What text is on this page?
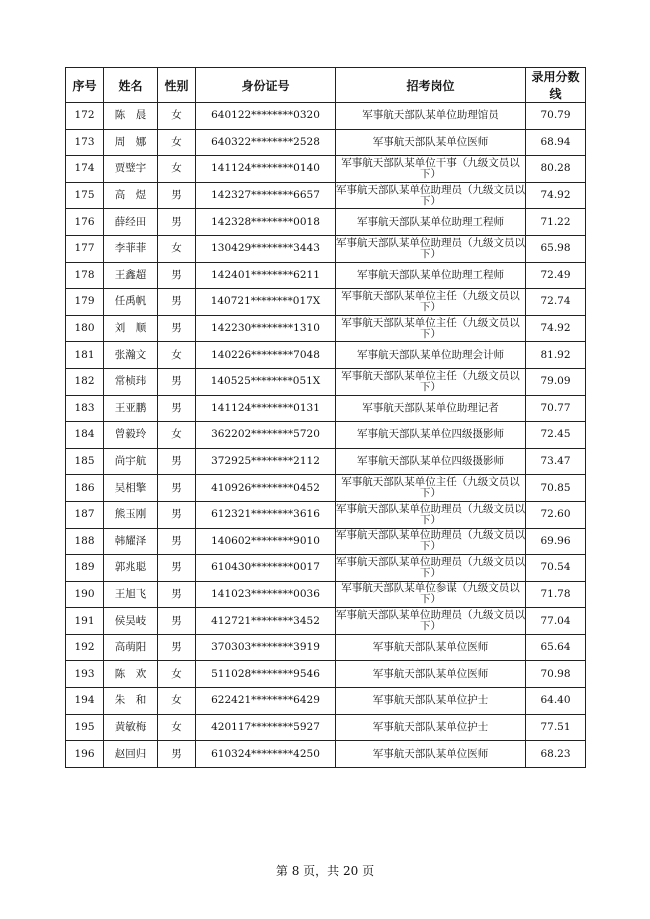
序号	姓名	性别	身份证号	招考岗位	录用分数线
172	陈　晨	女	640122********0320	军事航天部队某单位助理馆员	70.79
173	周　娜	女	640322********2528	军事航天部队某单位医师	68.94
174	贾璧宇	女	141124********0140	军事航天部队某单位干事（九级文员以下）	80.28
175	高　煜	男	142327********6657	军事航天部队某单位助理员（九级文员以下）	74.92
176	薛经田	男	142328********0018	军事航天部队某单位助理工程师	71.22
177	李菲菲	女	130429********3443	军事航天部队某单位助理员（九级文员以下）	65.98
178	王鑫超	男	142401********6211	军事航天部队某单位助理工程师	72.49
179	任禹帆	男	140721********017X	军事航天部队某单位主任（九级文员以下）	72.74
180	刘　顺	男	142230********1310	军事航天部队某单位主任（九级文员以下）	74.92
181	张瀚文	女	140226********7048	军事航天部队某单位助理会计师	81.92
182	常桢玮	男	140525********051X	军事航天部队某单位主任（九级文员以下）	79.09
183	王亚鹏	男	141124********0131	军事航天部队某单位助理记者	70.77
184	曾毅玲	女	362202********5720	军事航天部队某单位四级摄影师	72.45
185	尚宇航	男	372925********2112	军事航天部队某单位四级摄影师	73.47
186	吴相擎	男	410926********0452	军事航天部队某单位主任（九级文员以下）	70.85
187	熊玉刚	男	612321********3616	军事航天部队某单位助理员（九级文员以下）	72.60
188	韩耀泽	男	140602********9010	军事航天部队某单位助理员（九级文员以下）	69.96
189	郭兆聪	男	610430********0017	军事航天部队某单位助理员（九级文员以下）	70.54
190	王旭飞	男	141023********0036	军事航天部队某单位参谋（九级文员以下）	71.78
191	侯昊岐	男	412721********3452	军事航天部队某单位助理员（九级文员以下）	77.04
192	高萌阳	男	370303********3919	军事航天部队某单位医师	65.64
193	陈　欢	女	511028********9546	军事航天部队某单位医师	70.98
194	朱　和	女	622421********6429	军事航天部队某单位护士	64.40
195	黄敏梅	女	420117********5927	军事航天部队某单位护士	77.51
196	赵回归	男	610324********4250	军事航天部队某单位医师	68.23
第 8 页，共 20 页
